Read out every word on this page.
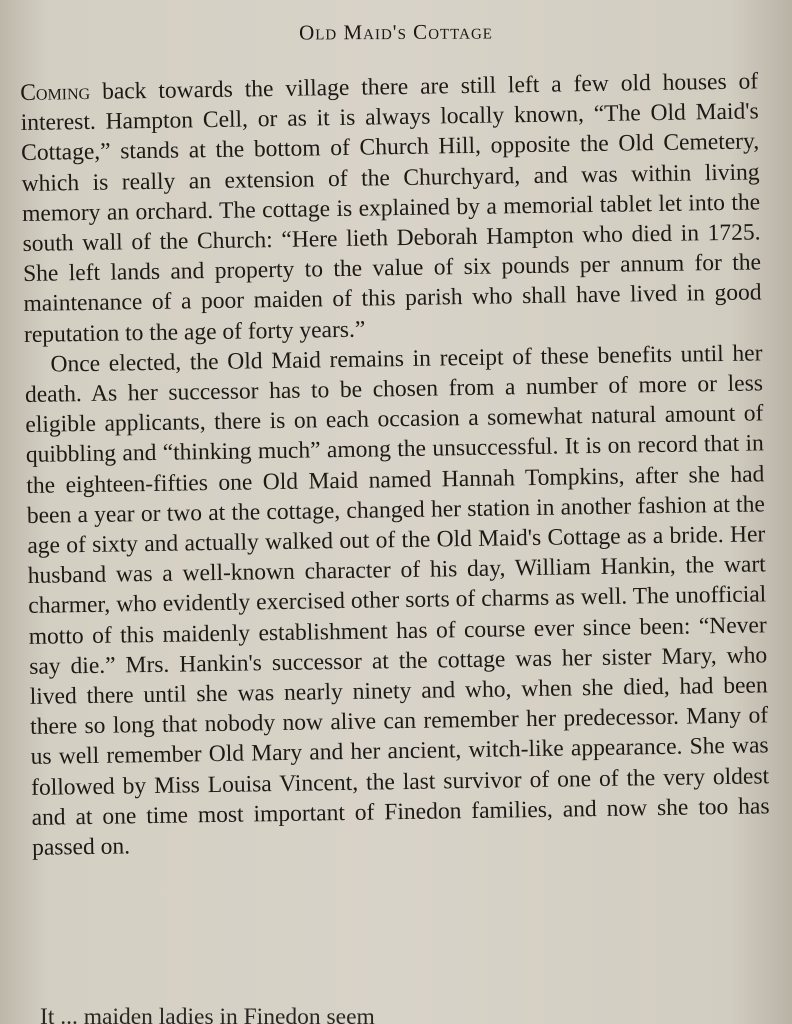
Old Maid's Cottage

Coming back towards the village there are still left a few old houses of interest. Hampton Cell, or as it is always locally known, “The Old Maid's Cottage,” stands at the bottom of Church Hill, opposite the Old Cemetery, which is really an extension of the Churchyard, and was within living memory an orchard. The cottage is explained by a memorial tablet let into the south wall of the Church: “Here lieth Deborah Hampton who died in 1725. She left lands and property to the value of six pounds per annum for the maintenance of a poor maiden of this parish who shall have lived in good reputation to the age of forty years.”

Once elected, the Old Maid remains in receipt of these benefits until her death. As her successor has to be chosen from a number of more or less eligible applicants, there is on each occasion a somewhat natural amount of quibbling and “thinking much” among the unsuccessful. It is on record that in the eighteen-fifties one Old Maid named Hannah Tompkins, after she had been a year or two at the cottage, changed her station in another fashion at the age of sixty and actually walked out of the Old Maid's Cottage as a bride. Her husband was a well-known character of his day, William Hankin, the wart charmer, who evidently exercised other sorts of charms as well. The unofficial motto of this maidenly establishment has of course ever since been: “Never say die.” Mrs. Hankin's successor at the cottage was her sister Mary, who lived there until she was nearly ninety and who, when she died, had been there so long that nobody now alive can remember her predecessor. Many of us well remember Old Mary and her ancient, witch-like appearance. She was followed by Miss Louisa Vincent, the last survivor of one of the very oldest and at one time most important of Finedon families, and now she too has passed on.

It ... maiden ladies in Finedon seem
